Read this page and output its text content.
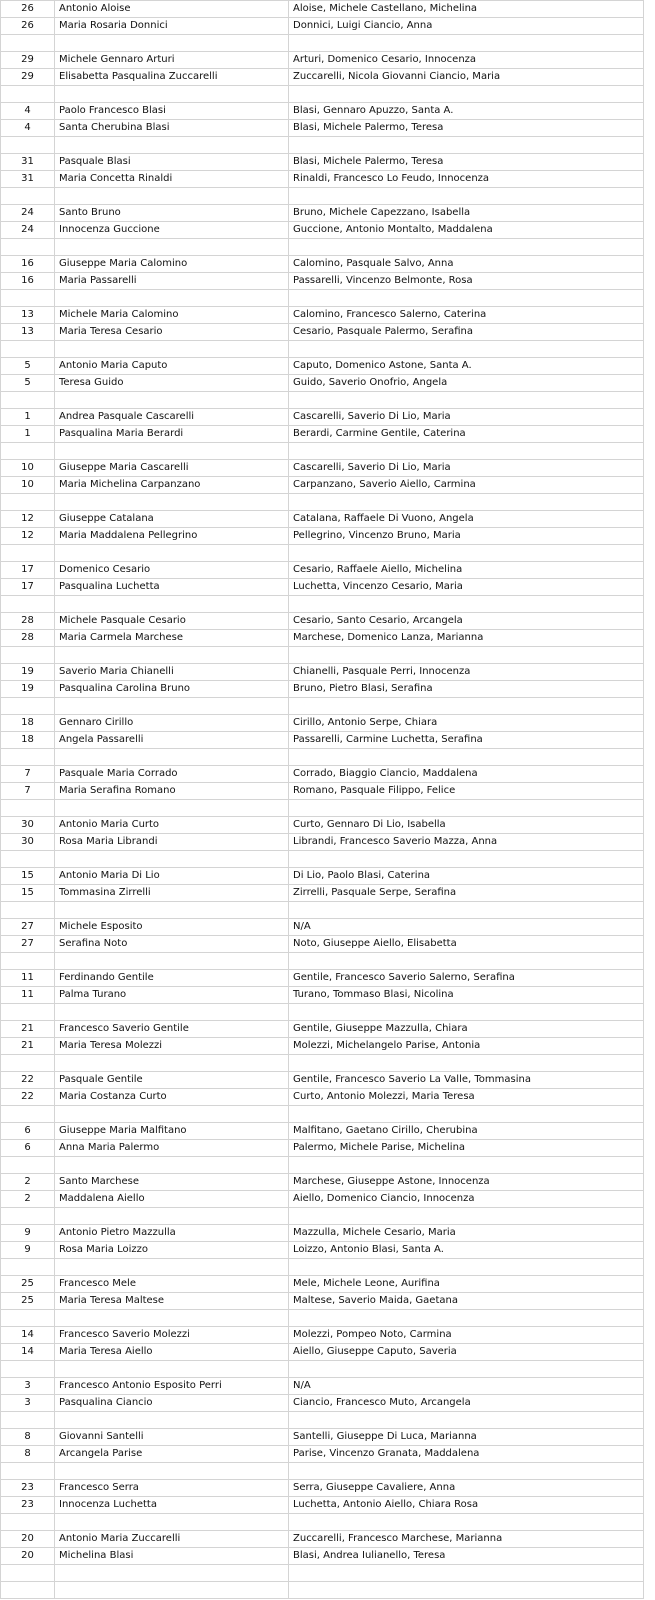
26	Antonio Aloise	Aloise, Michele Castellano, Michelina
26	Maria Rosaria Donnici	Donnici, Luigi Ciancio, Anna

29	Michele Gennaro Arturi	Arturi, Domenico Cesario, Innocenza
29	Elisabetta Pasqualina Zuccarelli	Zuccarelli, Nicola Giovanni Ciancio, Maria

4	Paolo Francesco Blasi	Blasi, Gennaro Apuzzo, Santa A.
4	Santa Cherubina Blasi	Blasi, Michele Palermo, Teresa

31	Pasquale Blasi	Blasi, Michele Palermo, Teresa
31	Maria Concetta Rinaldi	Rinaldi, Francesco Lo Feudo, Innocenza

24	Santo Bruno	Bruno, Michele Capezzano, Isabella
24	Innocenza Guccione	Guccione, Antonio Montalto, Maddalena

16	Giuseppe Maria Calomino	Calomino, Pasquale Salvo, Anna
16	Maria Passarelli	Passarelli, Vincenzo Belmonte, Rosa

13	Michele Maria Calomino	Calomino, Francesco Salerno, Caterina
13	Maria Teresa Cesario	Cesario, Pasquale Palermo, Serafina

5	Antonio Maria Caputo	Caputo, Domenico Astone, Santa A.
5	Teresa Guido	Guido, Saverio Onofrio, Angela

1	Andrea Pasquale Cascarelli	Cascarelli, Saverio Di Lio, Maria
1	Pasqualina Maria Berardi	Berardi, Carmine Gentile, Caterina

10	Giuseppe Maria Cascarelli	Cascarelli, Saverio Di Lio, Maria
10	Maria Michelina Carpanzano	Carpanzano, Saverio Aiello, Carmina

12	Giuseppe Catalana	Catalana, Raffaele Di Vuono, Angela
12	Maria Maddalena Pellegrino	Pellegrino, Vincenzo Bruno, Maria

17	Domenico Cesario	Cesario, Raffaele Aiello, Michelina
17	Pasqualina Luchetta	Luchetta, Vincenzo Cesario, Maria

28	Michele Pasquale Cesario	Cesario, Santo Cesario, Arcangela
28	Maria Carmela Marchese	Marchese, Domenico Lanza, Marianna

19	Saverio Maria Chianelli	Chianelli, Pasquale Perri, Innocenza
19	Pasqualina Carolina Bruno	Bruno, Pietro Blasi, Serafina

18	Gennaro Cirillo	Cirillo, Antonio Serpe, Chiara
18	Angela Passarelli	Passarelli, Carmine Luchetta, Serafina

7	Pasquale Maria Corrado	Corrado, Biaggio Ciancio, Maddalena
7	Maria Serafina Romano	Romano, Pasquale Filippo, Felice

30	Antonio Maria Curto	Curto, Gennaro Di Lio, Isabella
30	Rosa Maria Librandi	Librandi, Francesco Saverio Mazza, Anna

15	Antonio Maria Di Lio	Di Lio, Paolo Blasi, Caterina
15	Tommasina Zirrelli	Zirrelli, Pasquale Serpe, Serafina

27	Michele Esposito	N/A
27	Serafina Noto	Noto, Giuseppe Aiello, Elisabetta

11	Ferdinando Gentile	Gentile, Francesco Saverio Salerno, Serafina
11	Palma Turano	Turano, Tommaso Blasi, Nicolina

21	Francesco Saverio Gentile	Gentile, Giuseppe Mazzulla, Chiara
21	Maria Teresa Molezzi	Molezzi, Michelangelo Parise, Antonia

22	Pasquale Gentile	Gentile, Francesco Saverio La Valle, Tommasina
22	Maria Costanza Curto	Curto, Antonio Molezzi, Maria Teresa

6	Giuseppe Maria Malfitano	Malfitano, Gaetano Cirillo, Cherubina
6	Anna Maria Palermo	Palermo, Michele Parise, Michelina

2	Santo Marchese	Marchese, Giuseppe Astone, Innocenza
2	Maddalena Aiello	Aiello, Domenico Ciancio, Innocenza

9	Antonio Pietro Mazzulla	Mazzulla, Michele Cesario, Maria
9	Rosa Maria Loizzo	Loizzo, Antonio Blasi, Santa A.

25	Francesco Mele	Mele, Michele Leone, Aurifina
25	Maria Teresa Maltese	Maltese, Saverio Maida, Gaetana

14	Francesco Saverio Molezzi	Molezzi, Pompeo Noto, Carmina
14	Maria Teresa Aiello	Aiello, Giuseppe Caputo, Saveria

3	Francesco Antonio Esposito Perri	N/A
3	Pasqualina Ciancio	Ciancio, Francesco Muto, Arcangela

8	Giovanni Santelli	Santelli, Giuseppe Di Luca, Marianna
8	Arcangela Parise	Parise, Vincenzo Granata, Maddalena

23	Francesco Serra	Serra, Giuseppe Cavaliere, Anna
23	Innocenza Luchetta	Luchetta, Antonio Aiello, Chiara Rosa

20	Antonio Maria Zuccarelli	Zuccarelli, Francesco Marchese, Marianna
20	Michelina Blasi	Blasi, Andrea Iulianello, Teresa
